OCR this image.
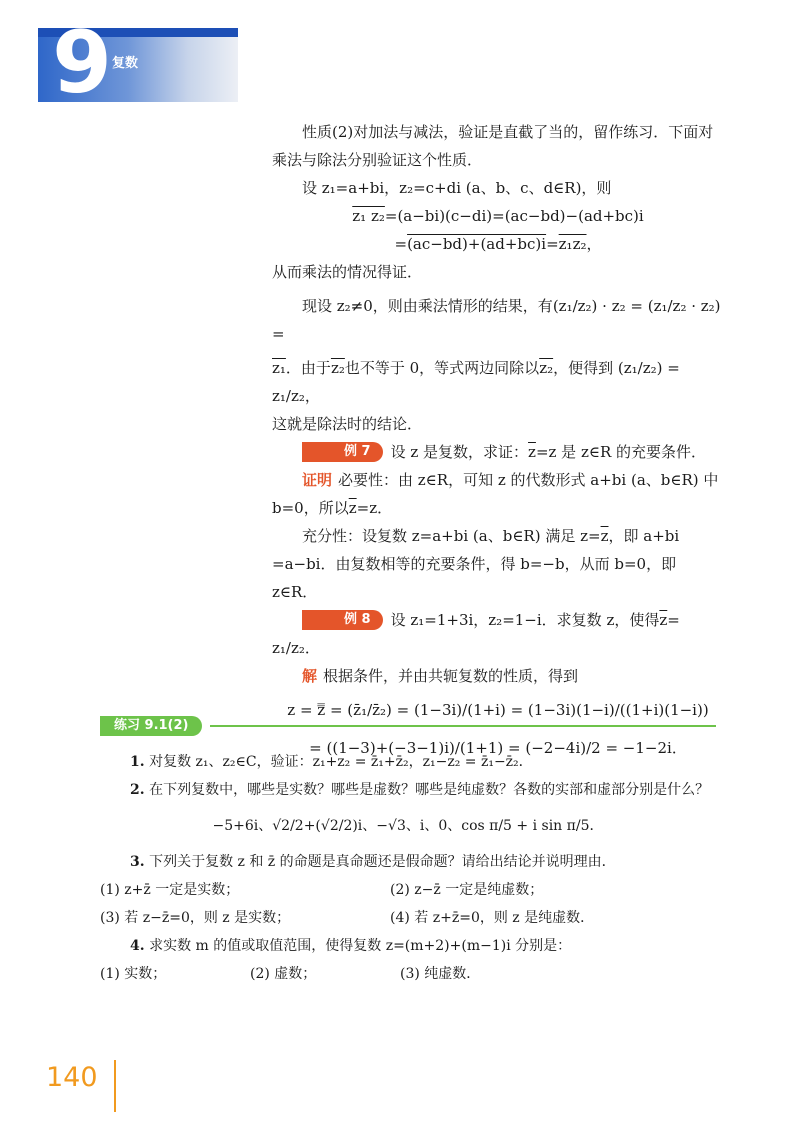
9 复数

性质(2)对加法与减法，验证是直截了当的，留作练习．下面对乘法与除法分别验证这个性质．

设 z₁=a+bi，z₂=c+di (a、b、c、d∈R)，则

z₁ z₂=(a−bi)(c−di)=(ac−bd)−(ad+bc)i

=(ac−bd)+(ad+bc)i=z₁z₂，

从而乘法的情况得证．

现设 z₂≠0，则由乘法情形的结果，有(z₁/z₂) · z₂ = (z₁/z₂ · z₂) =

z₁．由于z₂也不等于 0，等式两边同除以z₂，便得到 (z₁/z₂) = z₁/z₂，

这就是除法时的结论．

例 7 设 z 是复数，求证：$\overline{z}=z$ 是 z∈R 的充要条件．

证明 必要性：由 z∈R，可知 z 的代数形式 a+bi (a、b∈R) 中 b=0，所以$\overline{z}=z$．

充分性：设复数 z=a+bi (a、b∈R) 满足 $z=\overline{z}$，即 a+bi =a−bi．由复数相等的充要条件，得 b=−b，从而 b=0，即 z∈R．

例 8 设 z₁=1+3i，z₂=1−i．求复数 z，使得$\overline{z}= z_1/z_2$．

解 根据条件，并由共轭复数的性质，得到

z = z̿ = (z̄₁/z̄₂) = (1−3i)/(1+i) = (1−3i)(1−i)/((1+i)(1−i))

= ((1−3)+(−3−1)i)/(1+1) = (−2−4i)/2 = −1−2i．

练习 9.1(2)

1. 对复数 z₁、z₂∈C，验证：z₁+z₂ = z̄₁+z̄₂，z₁−z₂ = z̄₁−z̄₂．

2. 在下列复数中，哪些是实数？哪些是虚数？哪些是纯虚数？各数的实部和虚部分别是什么？

−5+6i、√2/2+(√2/2)i、−√3、i、0、cos π/5 + i sin π/5．

3. 下列关于复数 z 和 z̄ 的命题是真命题还是假命题？请给出结论并说明理由．

(1) z+z̄ 一定是实数；	(2) z−z̄ 一定是纯虚数；
(3) 若 z−z̄=0，则 z 是实数；	(4) 若 z+z̄=0，则 z 是纯虚数．

4. 求实数 m 的值或取值范围，使得复数 z=(m+2)+(m−1)i 分别是：

(1) 实数；	(2) 虚数；	(3) 纯虚数．
140
